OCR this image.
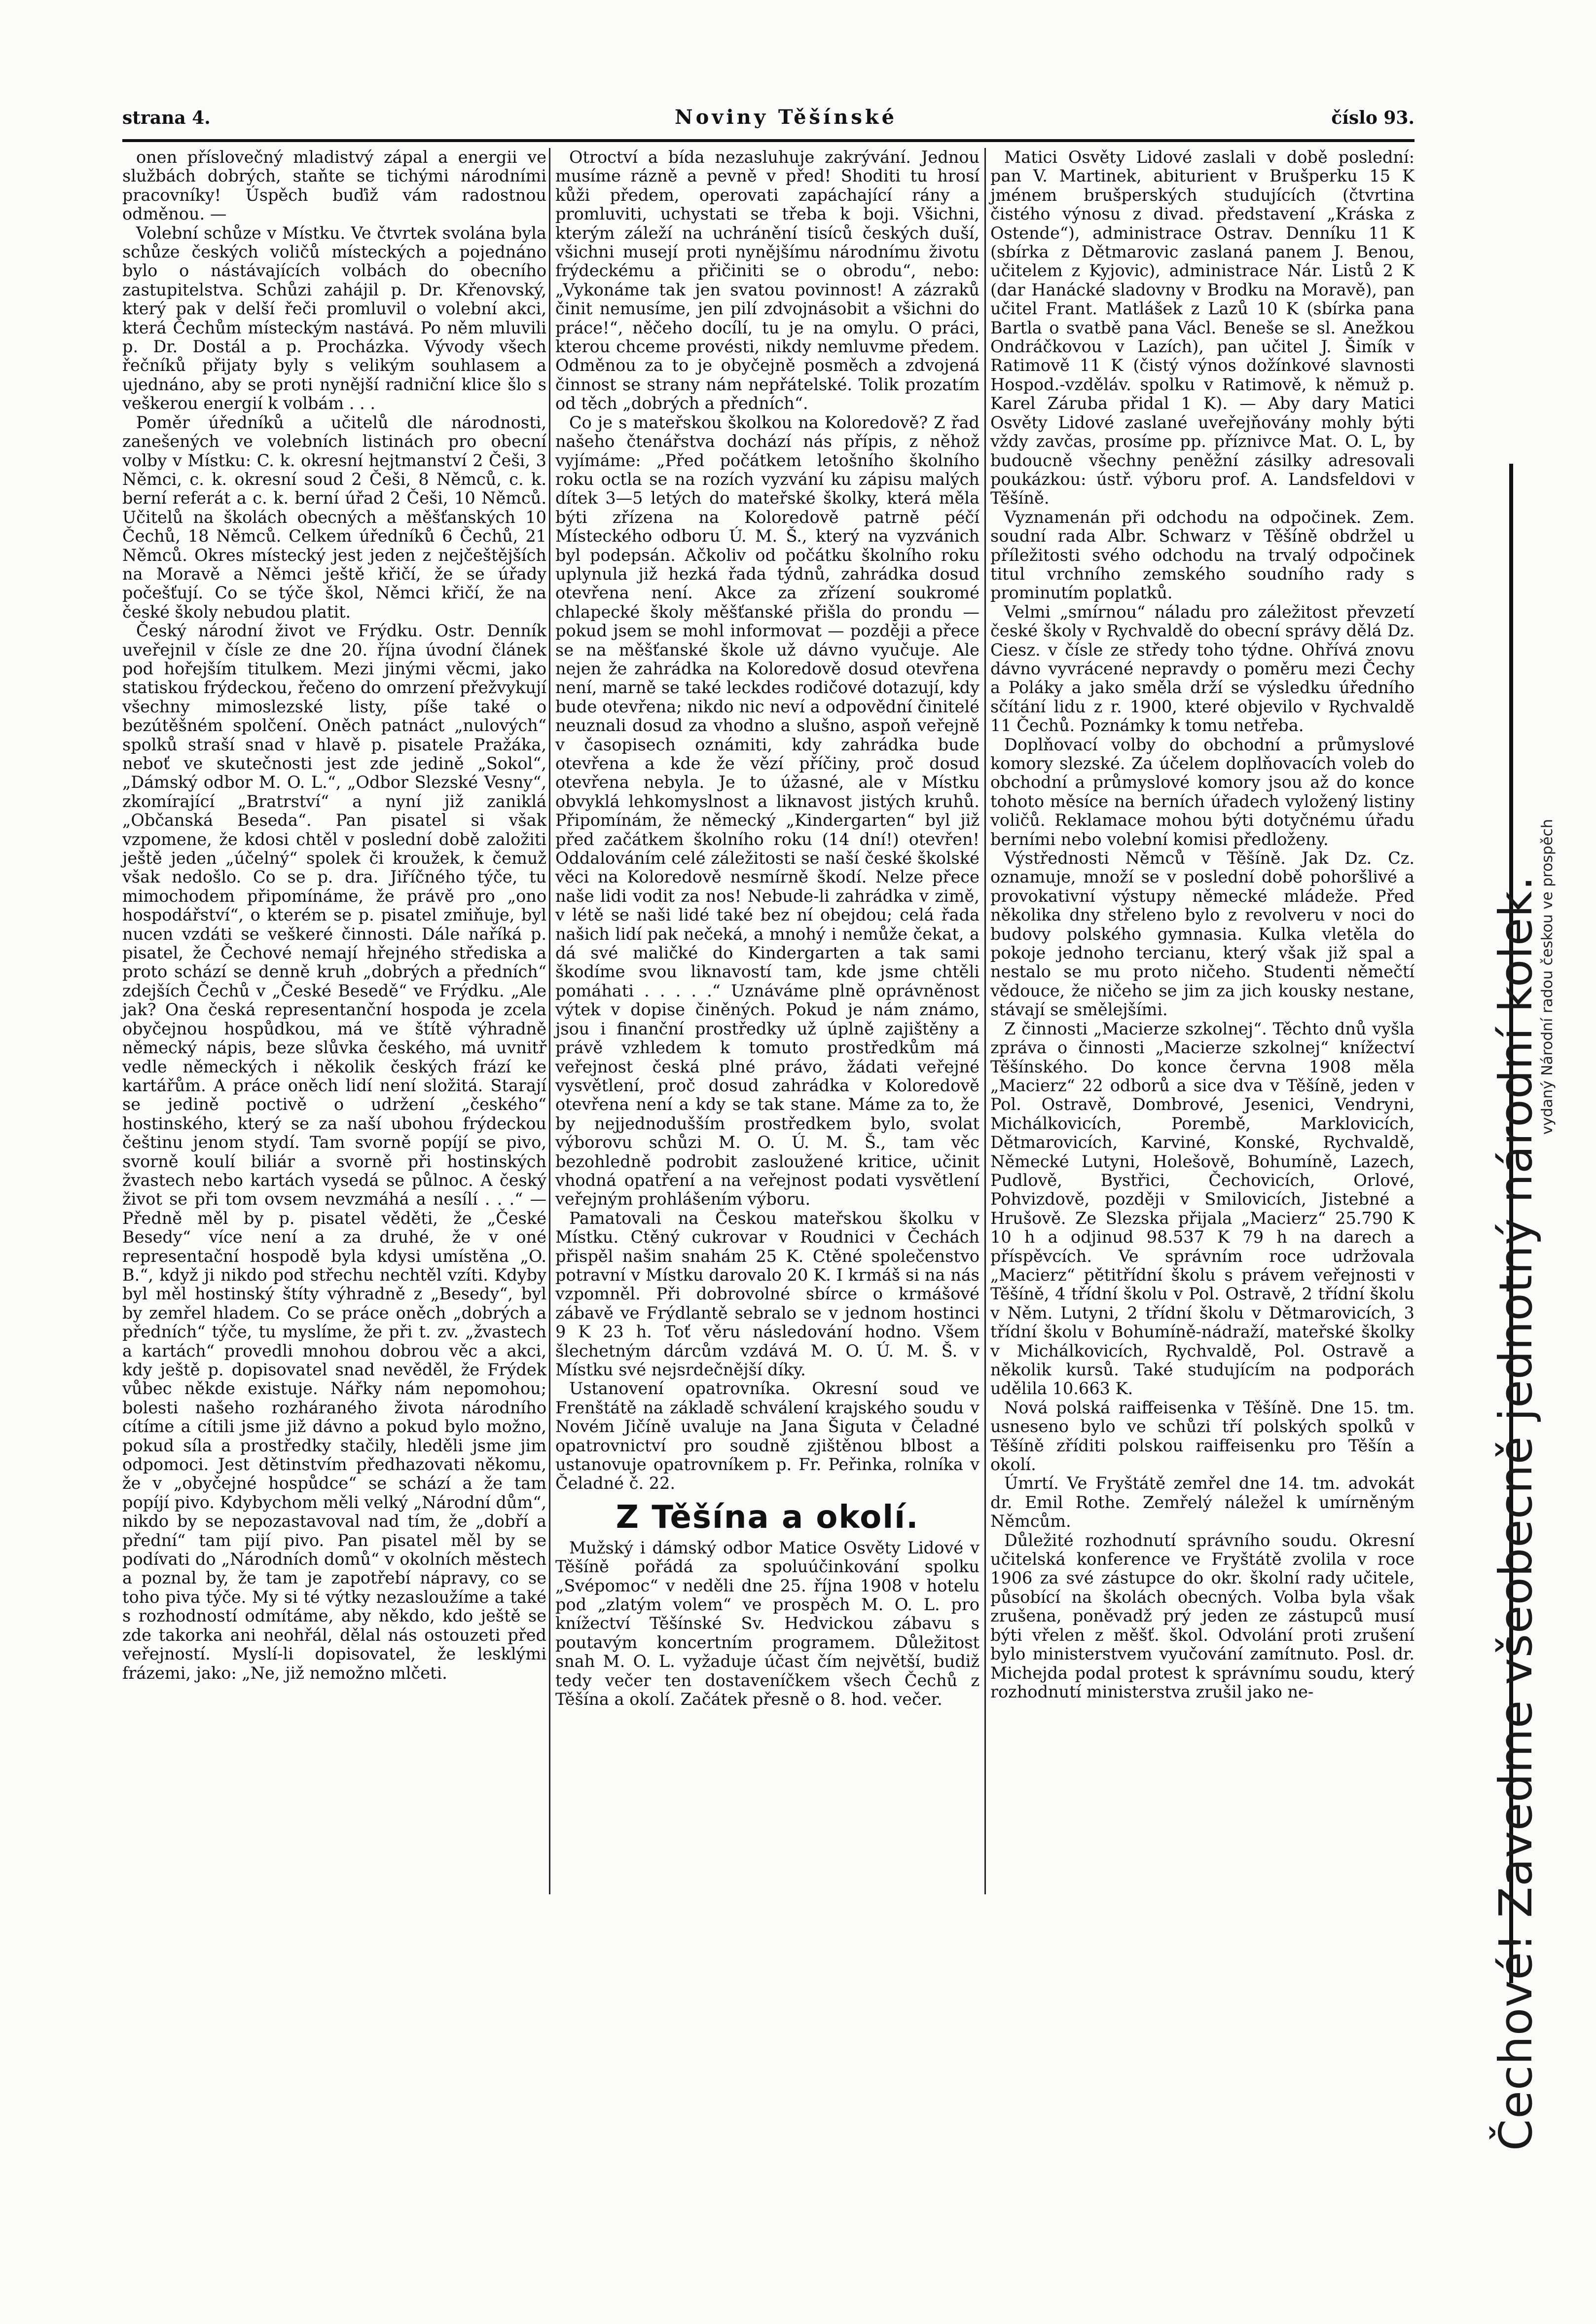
strana 4.	Noviny Těšínské	číslo 93.

onen příslovečný mladistvý zápal a energii ve službách dobrých, staňte se tichými národními pracovníky! Úspěch buďiž vám radostnou odměnou. —

Volební schůze v Místku. Ve čtvrtek svolána byla schůze českých voličů místeckých a pojednáno bylo o nástávajících volbách do obecního zastupitelstva. Schůzi zahájil p. Dr. Křenovský, který pak v delší řeči promluvil o volební akci, která Čechům místeckým nastává. Po něm mluvili p. Dr. Dostál a p. Procházka. Vývody všech řečníků přijaty byly s velikým souhlasem a ujednáno, aby se proti nynější radniční klice šlo s veškerou energií k volbám . . .

Poměr úředníků a učitelů dle národnosti, zanešených ve volebních listinách pro obecní volby v Místku: C. k. okresní hejtmanství 2 Češi, 3 Němci, c. k. okresní soud 2 Češi, 8 Němců, c. k. berní referát a c. k. berní úřad 2 Češi, 10 Němců. Učitelů na školách obecných a měšťanských 10 Čechů, 18 Němců. Celkem úředníků 6 Čechů, 21 Němců. Okres místecký jest jeden z nejčeštějších na Moravě a Němci ještě křičí, že se úřady počešťují. Co se týče škol, Němci křičí, že na české školy nebudou platit.

Český národní život ve Frýdku. Ostr. Denník uveřejnil v čísle ze dne 20. října úvodní článek pod hořejším titulkem. Mezi jinými věcmi, jako statiskou frýdeckou, řečeno do omrzení přežvykují všechny mimoslezské listy, píše také o bezútěšném spolčení. Oněch patnáct „nulových“ spolků straší snad v hlavě p. pisatele Pražáka, neboť ve skutečnosti jest zde jedině „Sokol“, „Dámský odbor M. O. L.“, „Odbor Slezské Vesny“, zkomírající „Bratrství“ a nyní již zaniklá „Občanská Beseda“. Pan pisatel si však vzpomene, že kdosi chtěl v poslední době založiti ještě jeden „účelný“ spolek či kroužek, k čemuž však nedošlo. Co se p. dra. Jiříčného týče, tu mimochodem připomínáme, že právě pro „ono hospodářství“, o kterém se p. pisatel zmiňuje, byl nucen vzdáti se veškeré činnosti. Dále naříká p. pisatel, že Čechové nemají hřejného střediska a proto schází se denně kruh „dobrých a předních“ zdejších Čechů v „České Besedě“ ve Frýdku. „Ale jak? Ona česká representanční hospoda je zcela obyčejnou hospůdkou, má ve štítě výhradně německý nápis, beze slůvka českého, má uvnitř vedle německých i několik českých frází ke kartářům. A práce oněch lidí není složitá. Starají se jedině poctivě o udržení „českého“ hostinského, který se za naší ubohou frýdeckou češtinu jenom stydí. Tam svorně popíjí se pivo, svorně koulí biliár a svorně při hostinských žvastech nebo kartách vysedá se půlnoc. A český život se při tom ovsem nevzmáhá a nesílí . . .“ — Předně měl by p. pisatel věděti, že „České Besedy“ více není a za druhé, že v oné representační hospodě byla kdysi umístěna „O. B.“, když ji nikdo pod střechu nechtěl vzíti. Kdyby byl měl hostinský štíty výhradně z „Besedy“, byl by zemřel hladem. Co se práce oněch „dobrých a předních“ týče, tu myslíme, že při t. zv. „žvastech a kartách“ provedli mnohou dobrou věc a akci, kdy ještě p. dopisovatel snad nevěděl, že Frýdek vůbec někde existuje. Nářky nám nepomohou; bolesti našeho rozháraného života národního cítíme a cítili jsme již dávno a pokud bylo možno, pokud síla a prostředky stačily, hleděli jsme jim odpomoci. Jest dětinstvím předhazovati někomu, že v „obyčejné hospůdce“ se schází a že tam popíjí pivo. Kdybychom měli velký „Národní dům“, nikdo by se nepozastavoval nad tím, že „dobří a přední“ tam pijí pivo. Pan pisatel měl by se podívati do „Národních domů“ v okolních městech a poznal by, že tam je zapotřebí nápravy, co se toho piva týče. My si té výtky nezasloužíme a také s rozhodností odmítáme, aby někdo, kdo ještě se zde takorka ani neohřál, dělal nás ostouzeti před veřejností. Myslí-li dopisovatel, že lesklými frázemi, jako: „Ne, již nemožno mlčeti.

Otroctví a bída nezasluhuje zakrývání. Jednou musíme rázně a pevně v před! Shoditi tu hrosí kůži předem, operovati zapáchající rány a promluviti, uchystati se třeba k boji. Všichni, kterým záleží na uchránění tisíců českých duší, všichni musejí proti nynějšímu národnímu životu frýdeckému a přičiniti se o obrodu“, nebo: „Vykonáme tak jen svatou povinnost! A zázraků činit nemusíme, jen pilí zdvojnásobit a všichni do práce!“, něčeho docílí, tu je na omylu. O práci, kterou chceme provésti, nikdy nemluvme předem. Odměnou za to je obyčejně posměch a zdvojená činnost se strany nám nepřátelské. Tolik prozatím od těch „dobrých a předních“.

Co je s mateřskou školkou na Koloredově? Z řad našeho čtenářstva dochází nás přípis, z něhož vyjímáme: „Před počátkem letošního školního roku octla se na rozích vyzvání ku zápisu malých dítek 3—5 letých do mateřské školky, která měla býti zřízena na Koloredově patrně péčí Místeckého odboru Ú. M. Š., který na vyzvánich byl podepsán. Ačkoliv od počátku školního roku uplynula již hezká řada týdnů, zahrádka dosud otevřena není. Akce za zřízení soukromé chlapecké školy měšťanské přišla do prondu — pokud jsem se mohl informovat — později a přece se na měšťanské škole už dávno vyučuje. Ale nejen že zahrádka na Koloredově dosud otevřena není, marně se také leckdes rodičové dotazují, kdy bude otevřena; nikdo nic neví a odpovědní činitelé neuznali dosud za vhodno a slušno, aspoň veřejně v časopisech oznámiti, kdy zahrádka bude otevřena a kde že vězí příčiny, proč dosud otevřena nebyla. Je to úžasné, ale v Místku obvyklá lehkomyslnost a liknavost jistých kruhů. Připomínám, že německý „Kindergarten“ byl již před začátkem školního roku (14 dní!) otevřen! Oddalováním celé záležitosti se naší české školské věci na Koloredově nesmírně škodí. Nelze přece naše lidi vodit za nos! Nebude-li zahrádka v zimě, v létě se naši lidé také bez ní obejdou; celá řada našich lidí pak nečeká, a mnohý i nemůže čekat, a dá své maličké do Kindergarten a tak sami škodíme svou liknavostí tam, kde jsme chtěli pomáhati . . . . .“ Uznáváme plně oprávněnost výtek v dopise činěných. Pokud je nám známo, jsou i finanční prostředky už úplně zajištěny a právě vzhledem k tomuto prostředkům má veřejnost česká plné právo, žádati veřejné vysvětlení, proč dosud zahrádka v Koloredově otevřena není a kdy se tak stane. Máme za to, že by nejjednodušším prostředkem bylo, svolat výborovu schůzi M. O. Ú. M. Š., tam věc bezohledně podrobit zasloužené kritice, učinit vhodná opatření a na veřejnost podati vysvětlení veřejným prohlášením výboru.

Pamatovali na Českou mateřskou školku v Místku. Ctěný cukrovar v Roudnici v Čechách přispěl našim snahám 25 K. Ctěné společenstvo potravní v Místku darovalo 20 K. I krmáš si na nás vzpomněl. Při dobrovolné sbírce o krmášové zábavě ve Frýdlantě sebralo se v jednom hostinci 9 K 23 h. Toť věru následování hodno. Všem šlechetným dárcům vzdává M. O. Ú. M. Š. v Místku své nejsrdečnější díky.

Ustanovení opatrovníka. Okresní soud ve Frenštátě na základě schválení krajského soudu v Novém Jičíně uvaluje na Jana Šiguta v Čeladné opatrovnictví pro soudně zjištěnou blbost a ustanovuje opatrovníkem p. Fr. Peřinka, rolníka v Čeladné č. 22.

Z Těšína a okolí.

Mužský i dámský odbor Matice Osvěty Lidové v Těšíně pořádá za spoluúčinkování spolku „Svépomoc“ v neděli dne 25. října 1908 v hotelu pod „zlatým volem“ ve prospěch M. O. L. pro knížectví Těšínské Sv. Hedvickou zábavu s poutavým koncertním programem. Důležitost snah M. O. L. vyžaduje účast čím největší, budiž tedy večer ten dostaveníčkem všech Čechů z Těšína a okolí. Začátek přesně o 8. hod. večer.

Matici Osvěty Lidové zaslali v době poslední: pan V. Martinek, abiturient v Brušperku 15 K jménem brušperských studujících (čtvrtina čistého výnosu z divad. představení „Kráska z Ostende“), administrace Ostrav. Denníku 11 K (sbírka z Dětmarovic zaslaná panem J. Benou, učitelem z Kyjovic), administrace Nár. Listů 2 K (dar Hanácké sladovny v Brodku na Moravě), pan učitel Frant. Matlášek z Lazů 10 K (sbírka pana Bartla o svatbě pana Václ. Beneše se sl. Anežkou Ondráčkovou v Lazích), pan učitel J. Šimík v Ratimově 11 K (čistý výnos dožínkové slavnosti Hospod.-vzděláv. spolku v Ratimově, k němuž p. Karel Záruba přidal 1 K). — Aby dary Matici Osvěty Lidové zaslané uveřejňovány mohly býti vždy zavčas, prosíme pp. příznivce Mat. O. L, by budoucně všechny peněžní zásilky adresovali poukázkou: ústř. výboru prof. A. Landsfeldovi v Těšíně.

Vyznamenán při odchodu na odpočinek. Zem. soudní rada Albr. Schwarz v Těšíně obdržel u příležitosti svého odchodu na trvalý odpočinek titul vrchního zemského soudního rady s prominutím poplatků.

Velmi „smírnou“ náladu pro záležitost převzetí české školy v Rychvaldě do obecní správy dělá Dz. Ciesz. v čísle ze středy toho týdne. Ohřívá znovu dávno vyvrácené nepravdy o poměru mezi Čechy a Poláky a jako směla drží se výsledku úředního sčítání lidu z r. 1900, které objevilo v Rychvaldě 11 Čechů. Poznámky k tomu netřeba.

Doplňovací volby do obchodní a průmyslové komory slezské. Za účelem doplňovacích voleb do obchodní a průmyslové komory jsou až do konce tohoto měsíce na berních úřadech vyložený listiny voličů. Reklamace mohou býti dotyčnému úřadu berními nebo volební komisi předloženy.

Výstřednosti Němců v Těšíně. Jak Dz. Cz. oznamuje, množí se v poslední době pohoršlivé a provokativní výstupy německé mládeže. Před několika dny střeleno bylo z revolveru v noci do budovy polského gymnasia. Kulka vletěla do pokoje jednoho tercianu, který však již spal a nestalo se mu proto ničeho. Studenti němečtí vědouce, že ničeho se jim za jich kousky nestane, stávají se smělejšími.

Z činnosti „Macierze szkolnej“. Těchto dnů vyšla zpráva o činnosti „Macierze szkolnej“ knížectví Těšínského. Do konce června 1908 měla „Macierz“ 22 odborů a sice dva v Těšíně, jeden v Pol. Ostravě, Dombrové, Jesenici, Vendryni, Michálkovicích, Porembě, Marklovicích, Dětmarovicích, Karviné, Konské, Rychvaldě, Německé Lutyni, Holešově, Bohumíně, Lazech, Pudlově, Bystřici, Čechovicích, Orlové, Pohvizdově, později v Smilovicích, Jistebné a Hrušově. Ze Slezska přijala „Macierz“ 25.790 K 10 h a odjinud 98.537 K 79 h na darech a příspěvcích. Ve správním roce udržovala „Macierz“ pětitřídní školu s právem veřejnosti v Těšíně, 4 třídní školu v Pol. Ostravě, 2 třídní školu v Něm. Lutyni, 2 třídní školu v Dětmarovicích, 3 třídní školu v Bohumíně-nádraží, mateřské školky v Michálkovicích, Rychvaldě, Pol. Ostravě a několik kursů. Také studujícím na podporách udělila 10.663 K.

Nová polská raiffeisenka v Těšíně. Dne 15. tm. usneseno bylo ve schůzi tří polských spolků v Těšíně zříditi polskou raiffeisenku pro Těšín a okolí.

Úmrtí. Ve Fryštátě zemřel dne 14. tm. advokát dr. Emil Rothe. Zemřelý náležel k umírněným Němcům.

Důležité rozhodnutí správního soudu. Okresní učitelská konference ve Fryštátě zvolila v roce 1906 za své zástupce do okr. školní rady učitele, působící na školách obecných. Volba byla však zrušena, poněvadž prý jeden ze zástupců musí býti vřelen z měšť. škol. Odvolání proti zrušení bylo ministerstvem vyučování zamítnuto. Posl. dr. Michejda podal protest k správnímu soudu, který rozhodnutí ministerstva zrušil jako ne-	Čechové! Zavedme všeobecně jednotný národní kolek.
vydaný Národní radou českou ve prospěch
